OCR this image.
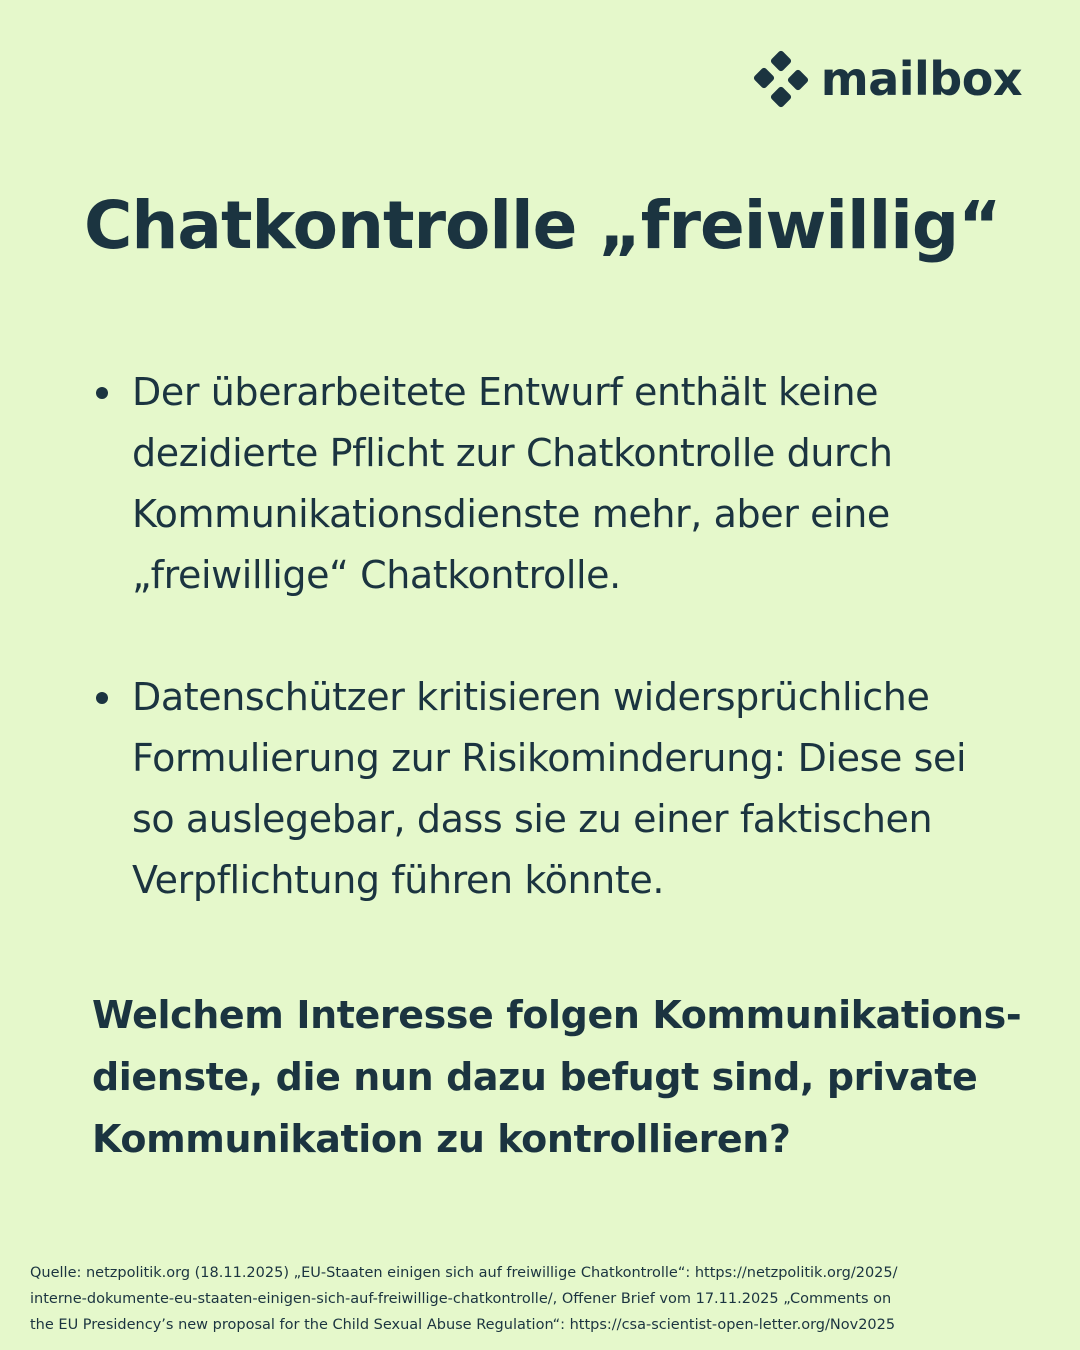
mailbox
Chatkontrolle „freiwillig“
Der überarbeitete Entwurf enthält keine
dezidierte Pflicht zur Chatkontrolle durch
Kommunikationsdienste mehr, aber eine
„freiwillige“ Chatkontrolle.
Datenschützer kritisieren widersprüchliche
Formulierung zur Risikominderung: Diese sei
so auslegebar, dass sie zu einer faktischen
Verpflichtung führen könnte.
Welchem Interesse folgen Kommunikations-
dienste, die nun dazu befugt sind, private
Kommunikation zu kontrollieren?
Quelle: netzpolitik.org (18.11.2025) „EU-Staaten einigen sich auf freiwillige Chatkontrolle“: https://netzpolitik.org/2025/
interne-dokumente-eu-staaten-einigen-sich-auf-freiwillige-chatkontrolle/, Offener Brief vom 17.11.2025 „Comments on
the EU Presidency’s new proposal for the Child Sexual Abuse Regulation“: https://csa-scientist-open-letter.org/Nov2025
